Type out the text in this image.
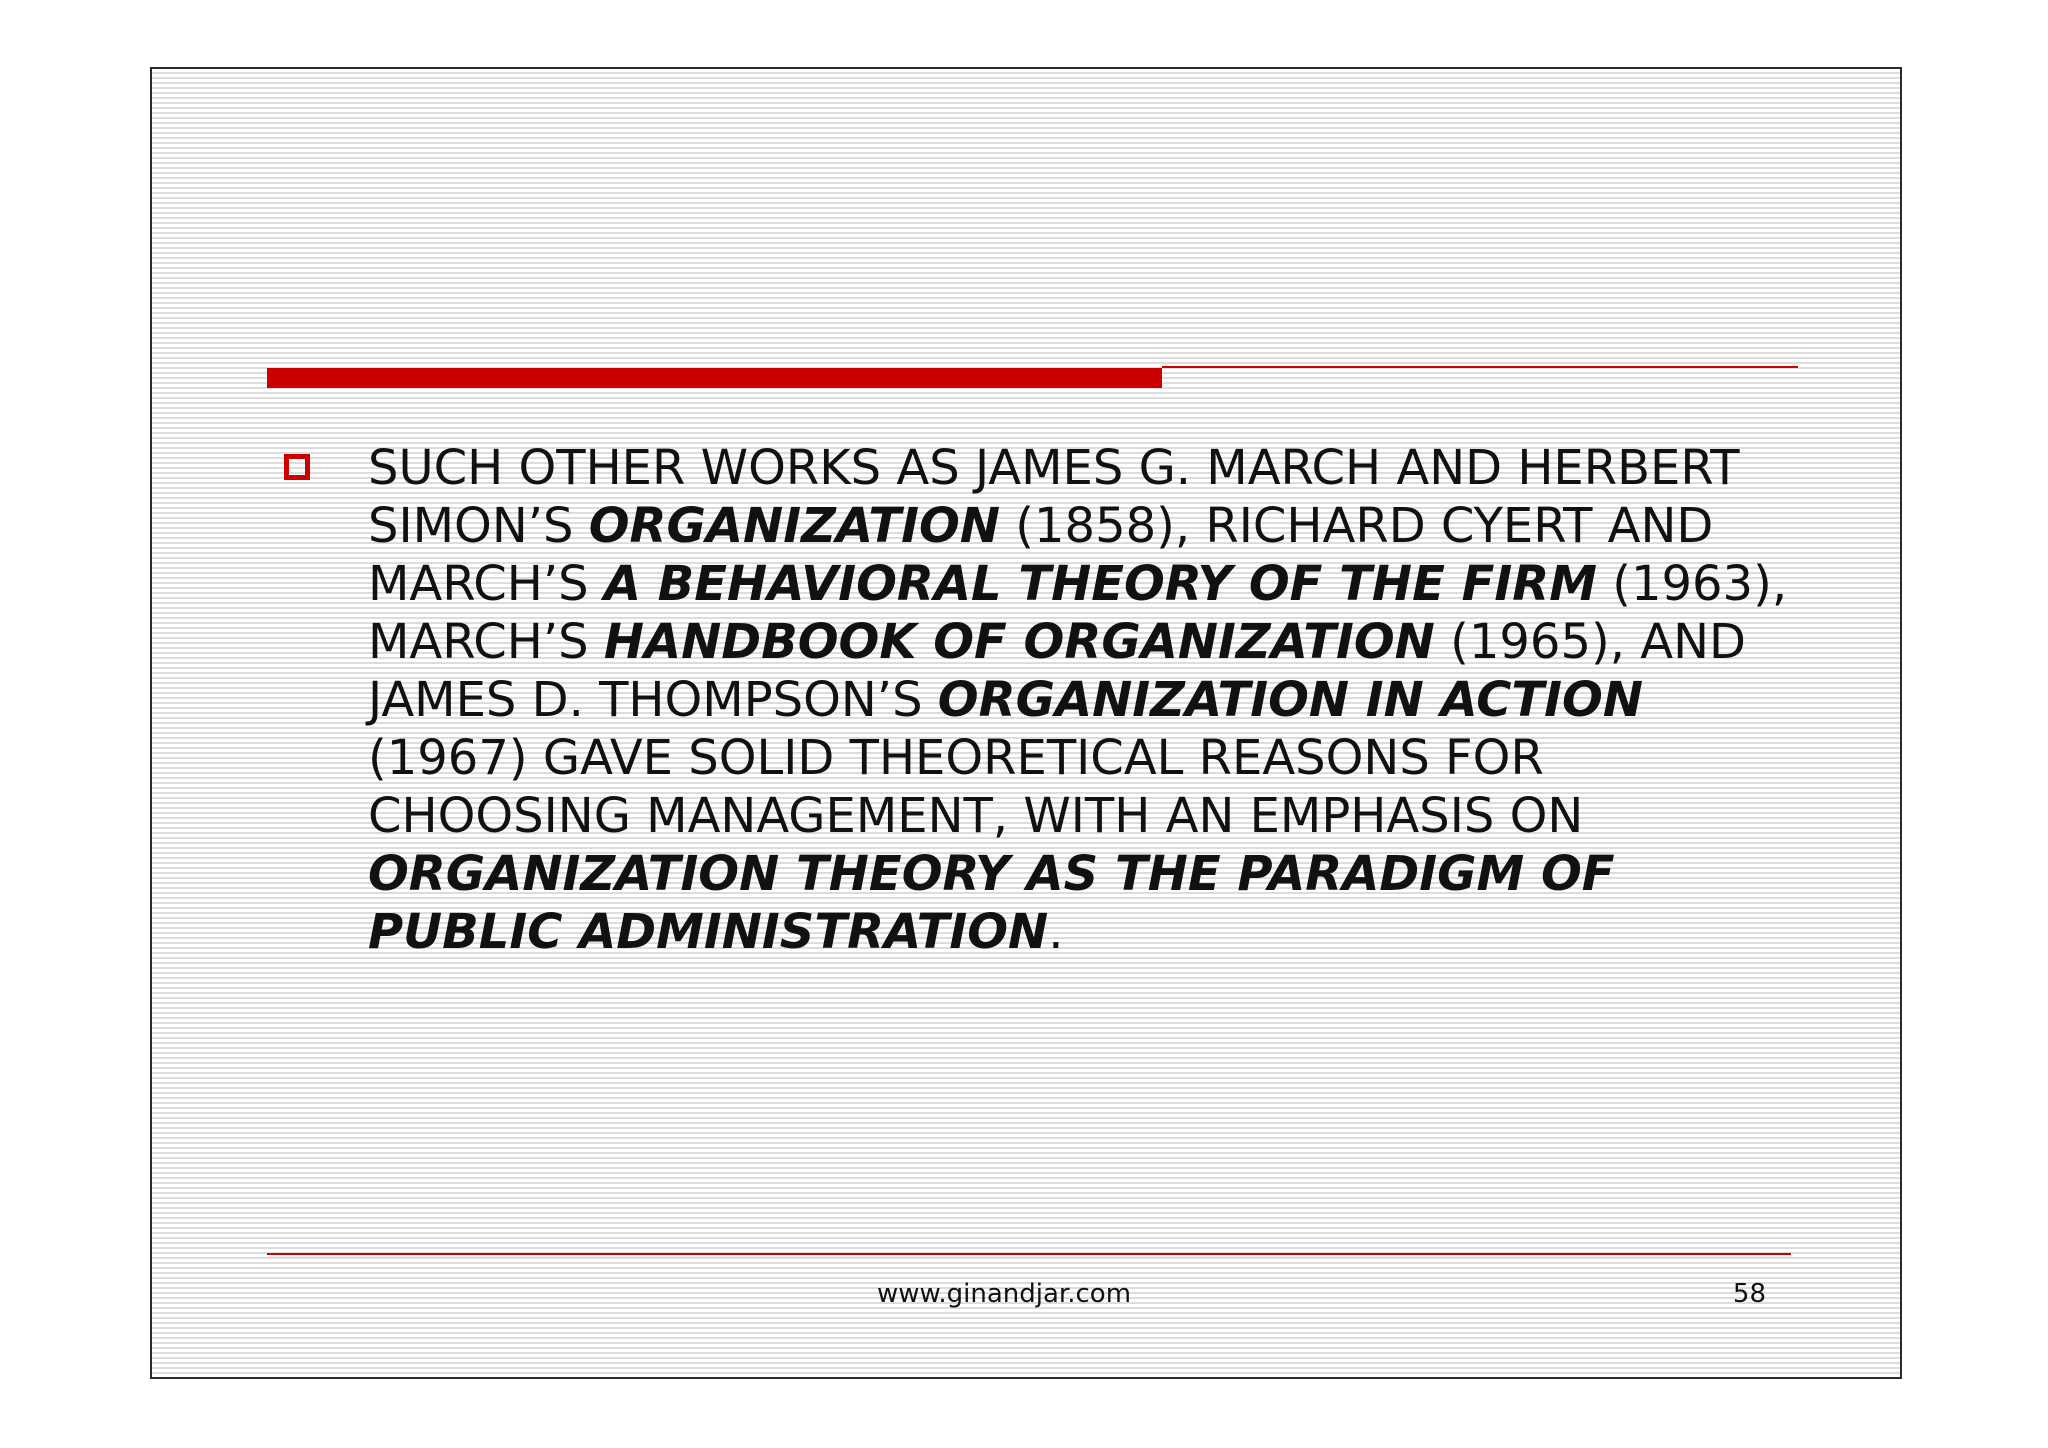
SUCH OTHER WORKS AS JAMES G. MARCH AND HERBERT SIMON’S ORGANIZATION (1858), RICHARD CYERT AND MARCH’S A BEHAVIORAL THEORY OF THE FIRM (1963), MARCH’S HANDBOOK OF ORGANIZATION (1965), AND JAMES D. THOMPSON’S ORGANIZATION IN ACTION (1967) GAVE SOLID THEORETICAL REASONS FOR CHOOSING MANAGEMENT, WITH AN EMPHASIS ON ORGANIZATION THEORY AS THE PARADIGM OF PUBLIC ADMINISTRATION.

www.ginandjar.com	58
